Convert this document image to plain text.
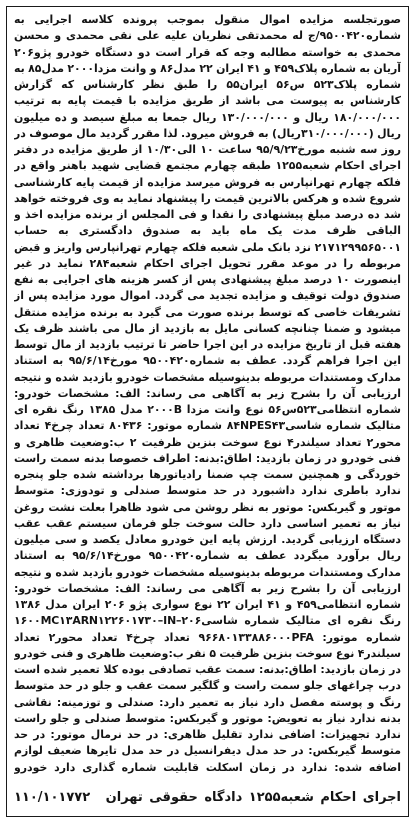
صورتجلسه مزایده اموال منقول بموجب پرونده کلاسه اجرایی به شماره۹۵۰۰۴۲۰/ج له محمدتقی نظریان علیه علی نقی محمدی و محسن محمدی به خواسته مطالبه وجه که قرار است دو دستگاه خودرو پژو۲۰۶ آریان به شماره پلاک۴۵۹ و ۴۱ ایران ۲۲ مدل۸۶ و وانت مزدا۲۰۰۰ مدل۸۵ به شماره پلاک۵۲۳ س۵۶ ایران۵۵ را طبق نظر کارشناس که گزارش کارشناس به پیوست می باشد از طریق مزایده با قیمت پایه به ترتیب ۱۸۰/۰۰۰/۰۰۰ ریال و ۱۳۰/۰۰۰/۰۰۰ ریال جمعا به مبلغ سیصد و ده میلیون ریال (۳۱۰/۰۰۰/۰۰۰ریال) به فروش میرود. لذا مقرر گردید مال موصوف در روز سه شنبه مورخ۹۵/۹/۲۳ ساعت ۱۰ الی۱۰/۳۰ از طریق مزایده در دفتر اجرای احکام شعبه۱۲۵۵ طبقه چهارم مجتمع قضایی شهید باهنر واقع در فلکه چهارم تهرانپارس به فروش میرسد مزایده از قیمت پایه کارشناسی شروع شده و هرکس بالاترین قیمت را پیشنهاد نماید به وی فروخته خواهد شد ده درصد مبلغ پیشنهادی را نقدا و فی المجلس از برنده مزایده اخذ و الباقی ظرف مدت یک ماه باید به صندوق دادگستری به حساب ۲۱۷۱۲۹۹۵۶۵۰۰۱ نزد بانک ملی شعبه فلکه چهارم تهرانپارس واریز و قبض مربوطه را در موعد مقرر تحویل اجرای احکام شعبه۲۸۴ نماید در غیر اینصورت ۱۰ درصد مبلغ پیشنهادی پس از کسر هزینه های اجرایی به نفع صندوق دولت توقیف و مزایده تجدید می گردد. اموال مورد مزایده پس از تشریفات خاصی که توسط برنده صورت می گیرد به برنده مزایده منتقل میشود و ضمنا چنانچه کسانی مایل به بازدید از مال می باشند ظرف یک هفته قبل از تاریخ مزایده در این اجرا حاضر تا ترتیب بازدید از مال توسط این اجرا فراهم گردد. عطف به شماره۹۵۰۰۴۲۰ مورخ۹۵/۶/۱۴ به استناد مدارک ومستندات مربوطه بدینوسیله مشخصات خودرو بازدید شده و نتیجه ارزیابی آن را بشرح زیر به آگاهی می رساند: الف: مشخصات خودرو: شماره انتظامی۵۲۳س۵۶ نوع وانت مزدا ۲۰۰۰B مدل ۱۳۸۵ رنگ نقره ای متالیک شماره شاسی۸۴NPES۴۳ شماره موتور: ۸۰۴۳۶ تعداد چرخ۴ تعداد محور۲ تعداد سیلندر۴ نوع سوخت بنزین ظرفیت ۲ ب:وضعیت ظاهری و فنی خودرو در زمان بازدید: اطاق:بدنه: اطراف خصوصا بدنه سمت راست خوردگی و همچنین سمت چپ ضمنا رادیاتورها برداشته شده جلو پنجره ندارد باطری ندارد داشبورد در حد متوسط صندلی و تودوزی: متوسط موتور و گیربکس: موتور به نظر روشن می شود ظاهرا بعلت نشت روغن نیاز به تعمیر اساسی دارد حالت سوخت جلو فرمان سیستم عقب عقب دستگاه ارزیابی گردید. ارزش پایه این خودرو معادل یکصد و سی میلیون ریال برآورد میگردد عطف به شماره۹۵۰۰۴۲۰ مورخ۹۵/۶/۱۴ به استناد مدارک ومستندات مربوطه بدینوسیله مشخصات خودرو بازدید شده و نتیجه ارزیابی آن را بشرح زیر به آگاهی می رساند: الف: مشخصات خودرو: شماره انتظامی۴۵۹ و ۴۱ ایران ۲۲ نوع سواری پژو ۲۰۶ ایران مدل ۱۳۸۶ رنگ نقره ای متالیک شماره شاسی۱۶۰۰MC۱۳ARN۱۲۲۶۰۱۷۳۰–IN–۲۰۶ شماره موتور: ۹۶۶۸۰۱۳۳۸۸۶۰۰۰PFA تعداد چرخ۴ تعداد محور۲ تعداد سیلندر۴ نوع سوخت بنزین ظرفیت ۵ نفر ب:وضعیت ظاهری و فنی خودرو در زمان بازدید: اطاق:بدنه: سمت عقب تصادفی بوده کلا تعمیر شده است درب چراغهای جلو سمت راست و گلگیر سمت عقب و جلو در حد متوسط رنگ و پوسته مفصل دارد نیاز به تعمیر دارد: صندلی و توزمینه: نقاشی بدنه ندارد نیاز به تعویض: موتور و گیربکس: متوسط صندلی و جلو راست ندارد تجهیزات: اضافی ندارد تقلیل ظاهری: در حد نرمال موتور: در حد متوسط گیربکس: در حد مدل دیفرانسیل در حد مدل تایرها ضعیف لوازم اضافه شده: ندارد در زمان اسکلت قابلیت شماره گذاری دارد خودرو

اجرای احکام شعبه۱۲۵۵ دادگاه حقوقی تهران
۱۱۰/۱۰۱۷۷۲
